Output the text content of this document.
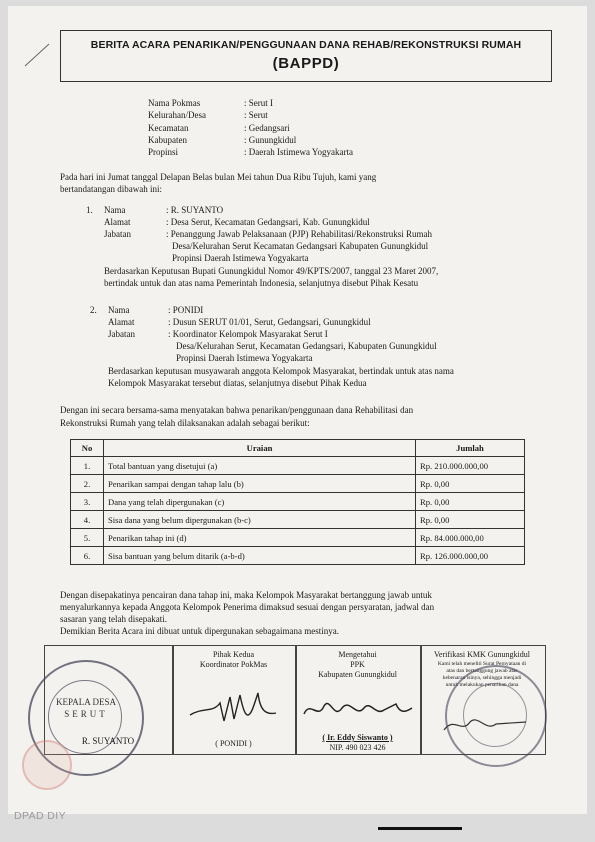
BERITA ACARA PENARIKAN/PENGGUNAAN DANA REHAB/REKONSTRUKSI RUMAH
(BAPPD)
Nama Pokmas	: Serut I
Kelurahan/Desa	: Serut
Kecamatan	: Gedangsari
Kabupaten	: Gunungkidul
Propinsi	: Daerah Istimewa Yogyakarta
Pada hari ini Jumat tanggal Delapan Belas bulan Mei tahun Dua Ribu Tujuh, kami yang
bertandatangan dibawah ini:
1. Nama	: R. SUYANTO
Alamat	: Desa Serut, Kecamatan Gedangsari, Kab. Gunungkidul
Jabatan	: Penanggung Jawab Pelaksanaan (PJP) Rehabilitasi/Rekonstruksi Rumah
Desa/Kelurahan Serut Kecamatan Gedangsari Kabupaten Gunungkidul
Propinsi Daerah Istimewa Yogyakarta
Berdasarkan Keputusan Bupati Gunungkidul Nomor 49/KPTS/2007, tanggal 23 Maret 2007,
bertindak untuk dan atas nama Pemerintah Indonesia, selanjutnya disebut Pihak Kesatu
2. Nama	: PONIDI
Alamat	: Dusun SERUT 01/01, Serut, Gedangsari, Gunungkidul
Jabatan	: Koordinator Kelompok Masyarakat Serut I
Desa/Kelurahan Serut, Kecamatan Gedangsari, Kabupaten Gunungkidul
Propinsi Daerah Istimewa Yogyakarta
Berdasarkan keputusan musyawarah anggota Kelompok Masyarakat, bertindak untuk atas nama
Kelompok Masyarakat tersebut diatas, selanjutnya disebut Pihak Kedua
Dengan ini secara bersama-sama menyatakan bahwa penarikan/penggunaan dana Rehabilitasi dan
Rekonstruksi Rumah yang telah dilaksanakan adalah sebagai berikut:
No	Uraian	Jumlah
1.	Total bantuan yang disetujui (a)	Rp. 210.000.000,00
2.	Penarikan sampai dengan tahap lalu (b)	Rp. 0,00
3.	Dana yang telah dipergunakan (c)	Rp. 0,00
4.	Sisa dana yang belum dipergunakan (b-c)	Rp. 0,00
5.	Penarikan tahap ini (d)	Rp. 84.000.000,00
6.	Sisa bantuan yang belum ditarik (a-b-d)	Rp. 126.000.000,00
Dengan disepakatinya pencairan dana tahap ini, maka Kelompok Masyarakat bertanggung jawab untuk
menyalurkannya kepada Anggota Kelompok Penerima dimaksud sesuai dengan persyaratan, jadwal dan
sasaran yang telah disepakati.
Demikian Berita Acara ini dibuat untuk dipergunakan sebagaimana mestinya.
Pihak Kedua
Koordinator PokMas
( PONIDI )
Mengetahui
PPK
Kabupaten Gunungkidul
( Ir. Eddy Siswanto )
NIP. 490 023 426
Verifikasi KMK Gunungkidul
Kami telah meneliti Surat Pernyataan di
atas dan bertanggung jawab atas
kebenaran isinya, sehingga menjadi
untuk melakukan penarikan dana
KEPALA DESA
SERUT
R. SUYANTO
DPAD DIY
